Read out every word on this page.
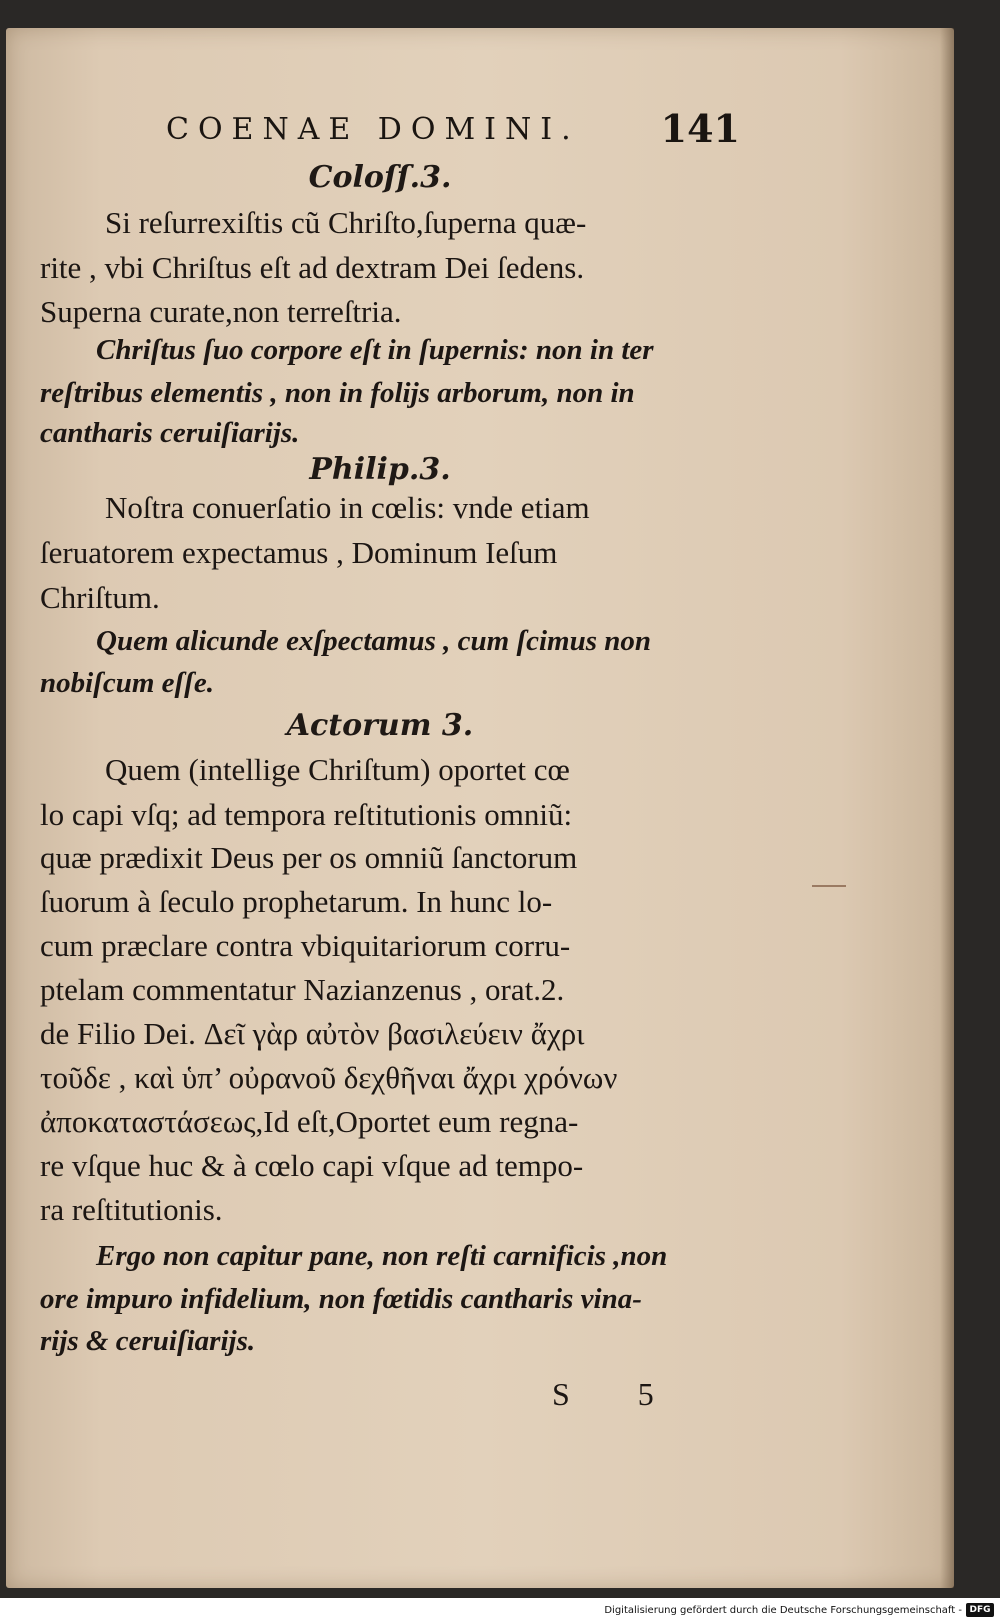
COENAE DOMINI. 141
Coloſſ.3.
Si reſurrexiſtis cũ Chriſto,ſuperna quæ-
rite , vbi Chriſtus eſt ad dextram Dei ſedens.
Superna curate,non terreſtria.
Chriſtus ſuo corpore eſt in ſupernis: non in ter
reſtribus elementis , non in folijs arborum, non in
cantharis ceruiſiarijs.
Philip.3.
Noſtra conuerſatio in cœlis: vnde etiam
ſeruatorem expectamus , Dominum Ieſum
Chriſtum.
Quem alicunde exſpectamus , cum ſcimus non
nobiſcum eſſe.
Actorum 3.
Quem (intellige Chriſtum) oportet cœ
lo capi vſq; ad tempora reſtitutionis omniũ:
quæ prædixit Deus per os omniũ ſanctorum
ſuorum à ſeculo prophetarum. In hunc lo-
cum præclare contra vbiquitariorum corru-
ptelam commentatur Nazianzenus , orat.2.
de Filio Dei. Δεῖ γὰρ αὐτὸν βασιλεύειν ἄχρι
τοῦδε , καὶ ὑπ’ οὐρανοῦ δεχθῆναι ἄχρι χρόνων
ἀποκαταστάσεως,Id eſt,Oportet eum regna-
re vſque huc & à cœlo capi vſque ad tempo-
ra reſtitutionis.
Ergo non capitur pane, non reſti carnificis ,non
ore impuro infidelium, non fœtidis cantharis vina-
rijs & ceruiſiarijs.
S 5
Digitalisierung gefördert durch die Deutsche Forschungsgemeinschaft - DFG
